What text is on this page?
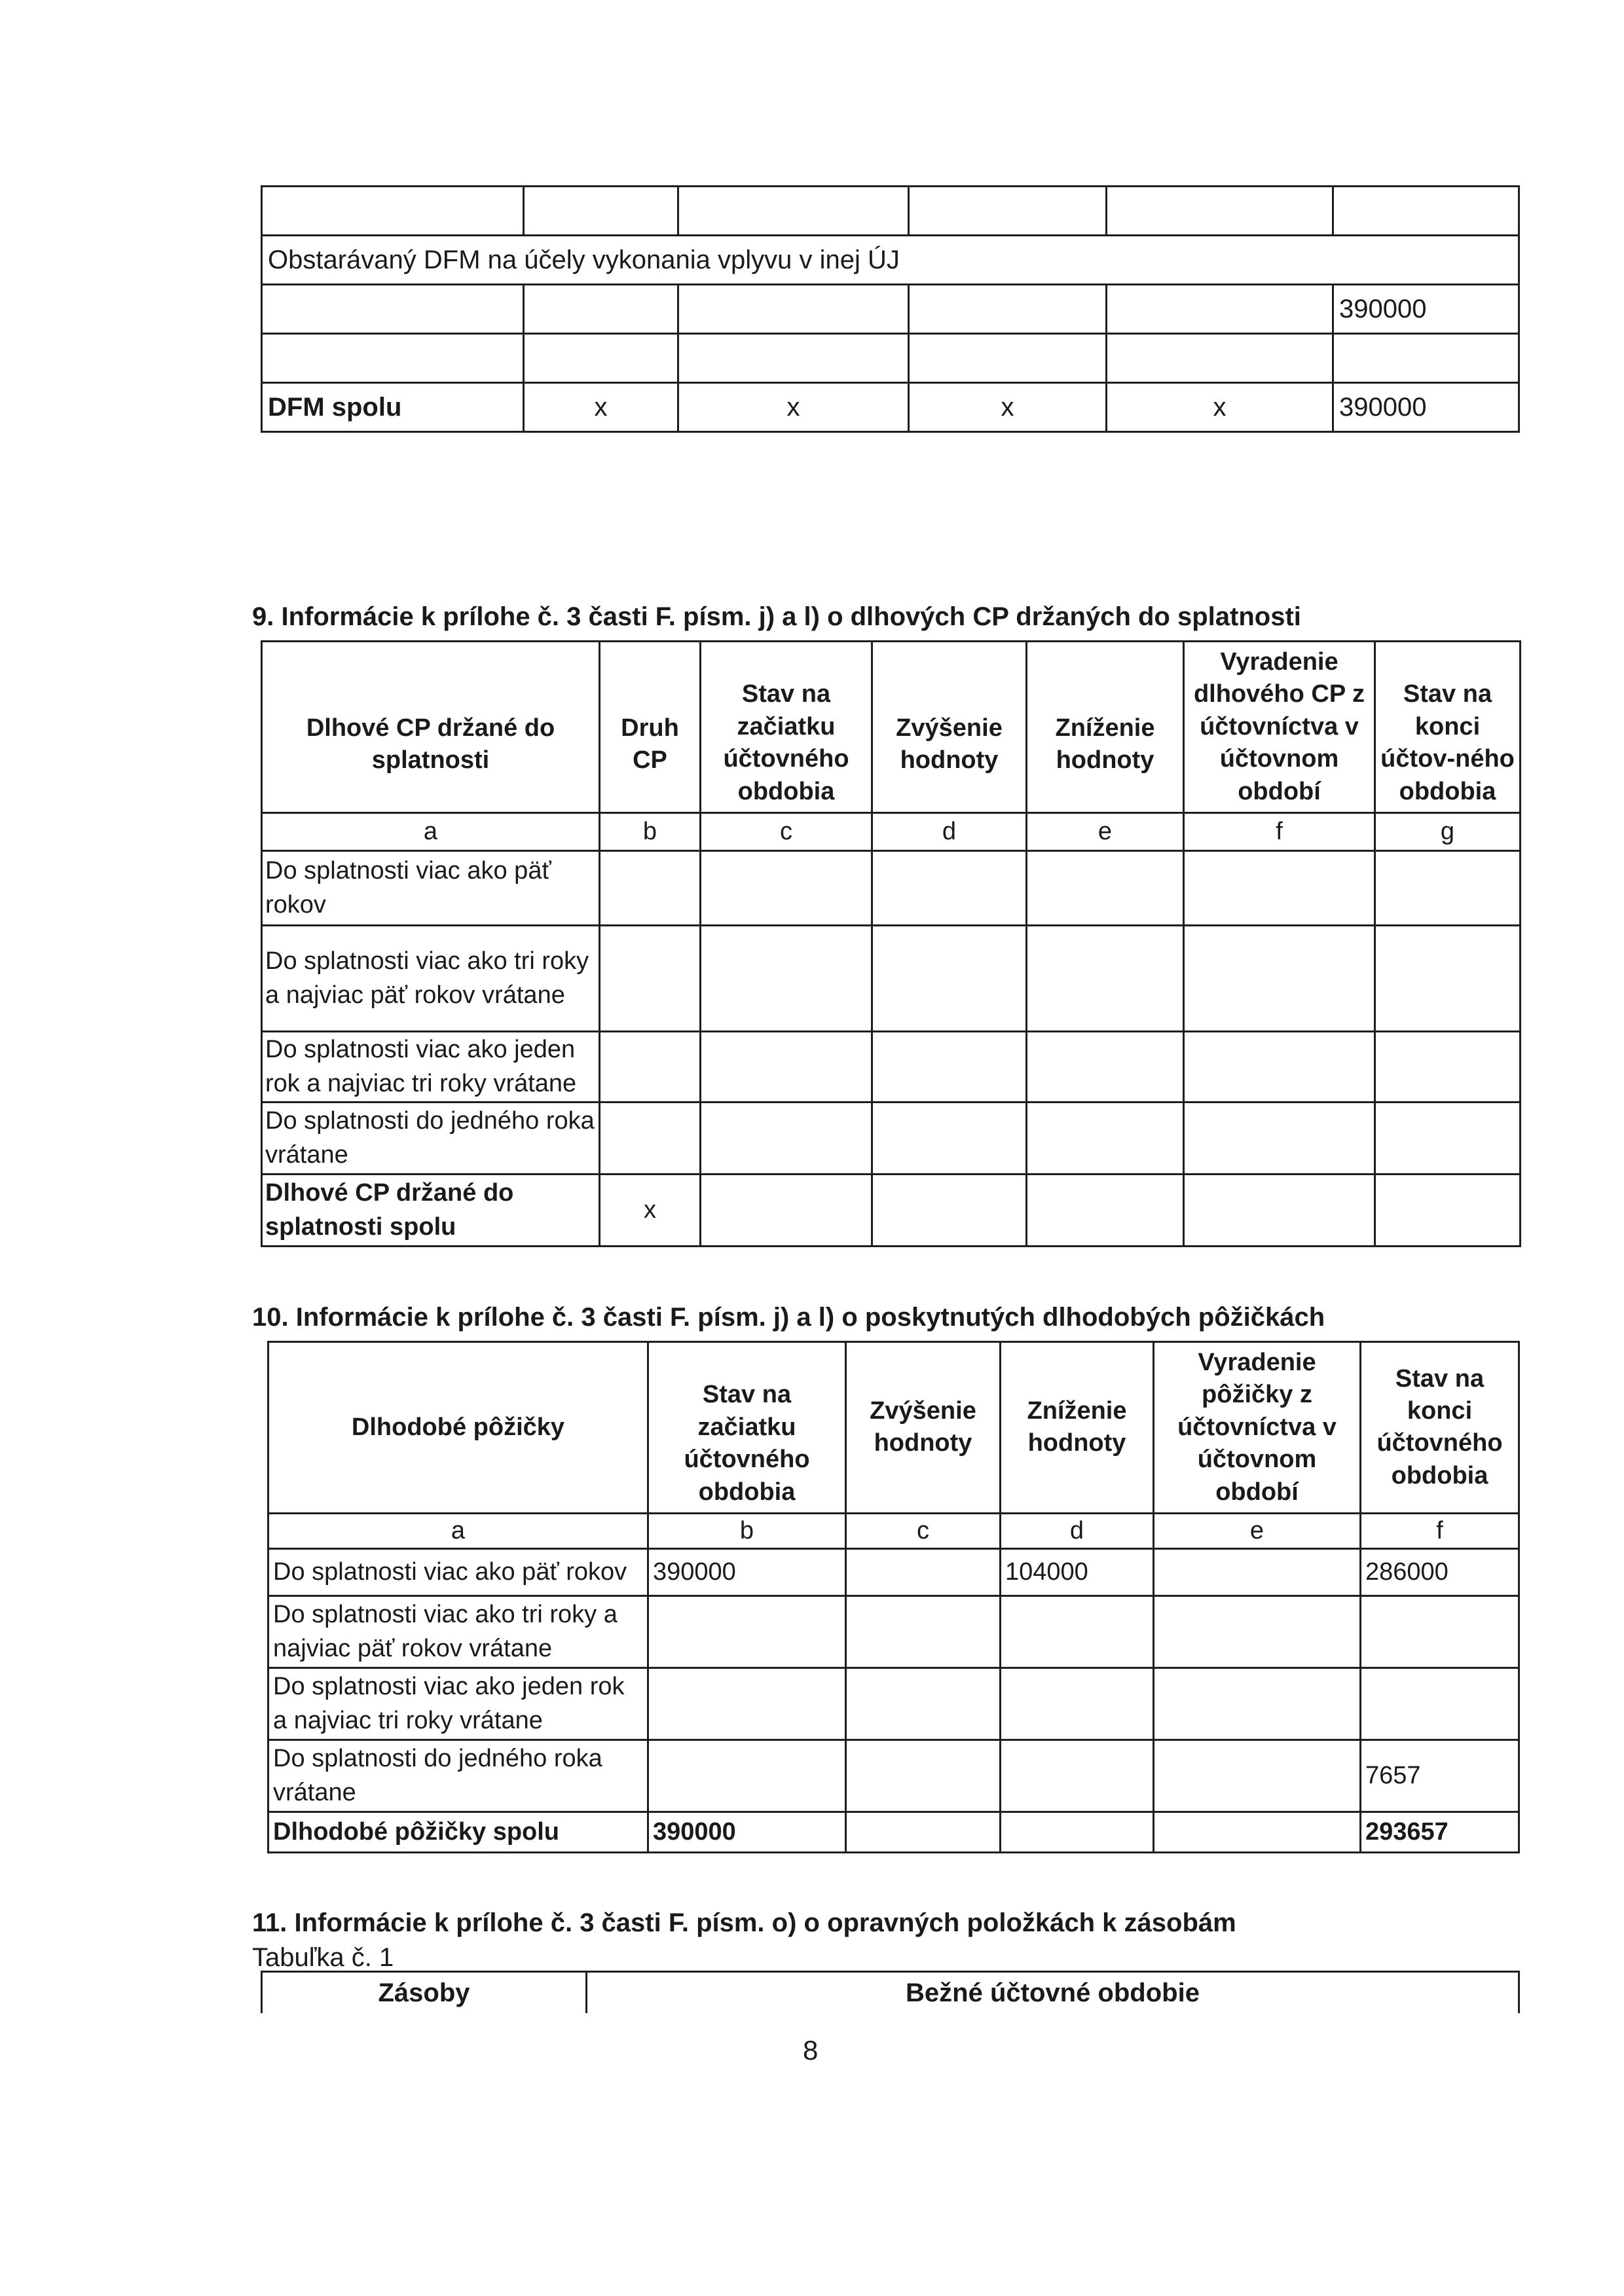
Obstarávaný DFM na účely vykonania vplyvu v inej ÚJ					
					390000

DFM spolu	x	x	x	x	390000
9. Informácie k prílohe č. 3 časti F. písm. j) a l) o dlhových CP držaných do splatnosti
Dlhové CP držané do splatnosti	Druh CP	Stav na začiatku účtovného obdobia	Zvýšenie hodnoty	Zníženie hodnoty	Vyradenie dlhového CP z účtovníctva v účtovnom období	Stav na konci účtov-ného obdobia
a	b	c	d	e	f	g
Do splatnosti viac ako päť rokov						
Do splatnosti viac ako tri roky a najviac päť rokov vrátane						
Do splatnosti viac ako jeden rok a najviac tri roky vrátane						
Do splatnosti do jedného roka vrátane						
Dlhové CP držané do splatnosti spolu	x					
10. Informácie k prílohe č. 3 časti F. písm. j) a l) o poskytnutých dlhodobých pôžičkách
Dlhodobé pôžičky	Stav na začiatku účtovného obdobia	Zvýšenie hodnoty	Zníženie hodnoty	Vyradenie pôžičky z účtovníctva v účtovnom období	Stav na konci účtovného obdobia
a	b	c	d	e	f
Do splatnosti viac ako päť rokov	390000		104000		286000
Do splatnosti viac ako tri roky a najviac päť rokov vrátane					
Do splatnosti viac ako jeden rok a najviac tri roky vrátane					
Do splatnosti do jedného roka vrátane					7657
Dlhodobé pôžičky spolu	390000				293657
11. Informácie k prílohe č. 3 časti F. písm. o) o opravných položkách k zásobám
Tabuľka č. 1
Zásoby	Bežné účtovné obdobie
8
